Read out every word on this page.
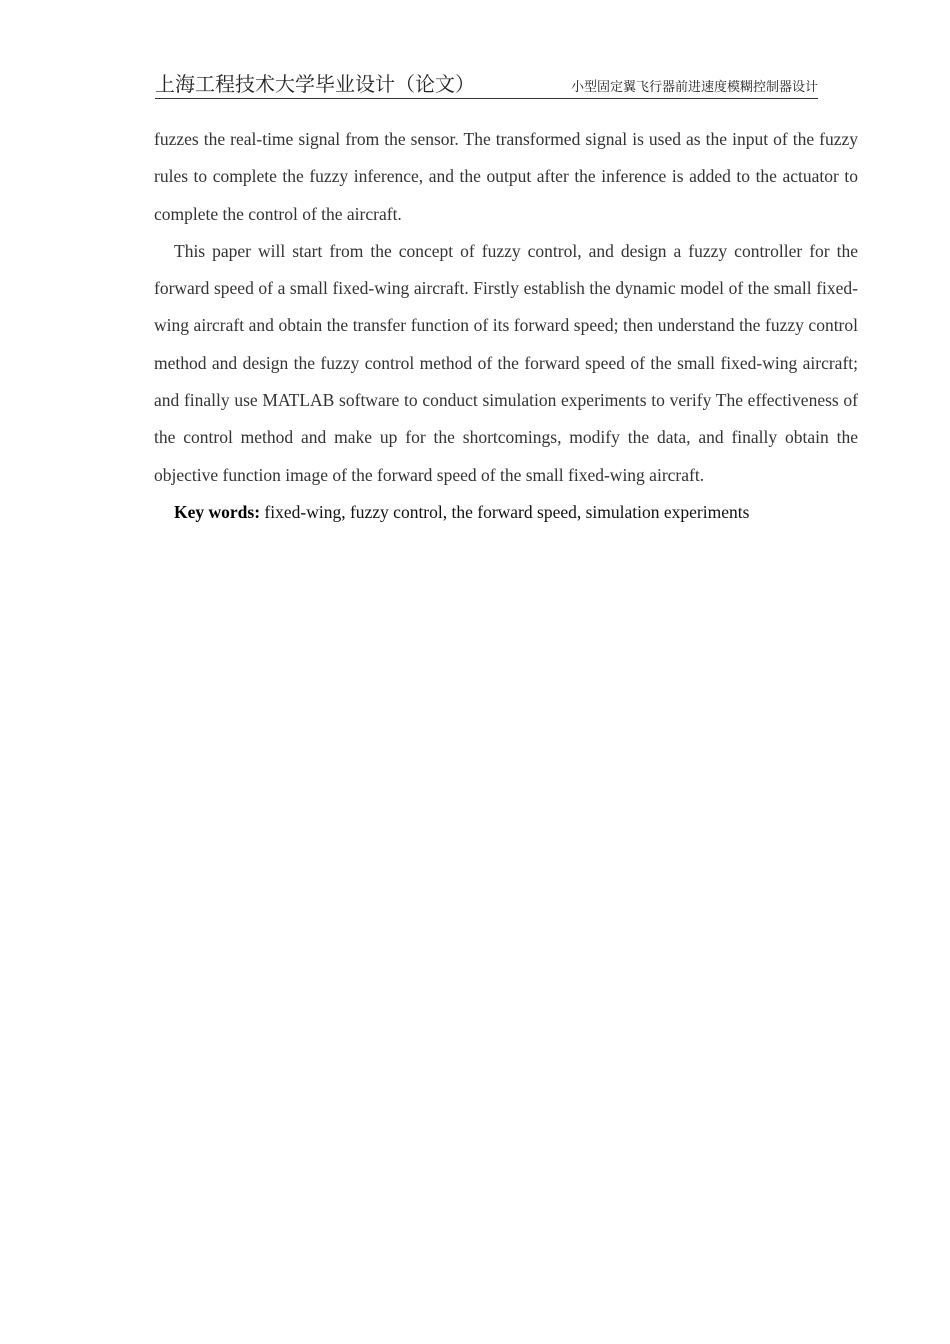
上海工程技术大学毕业设计（论文）	小型固定翼飞行器前进速度模糊控制器设计

fuzzes the real-time signal from the sensor. The transformed signal is used as the input of the fuzzy rules to complete the fuzzy inference, and the output after the inference is added to the actuator to complete the control of the aircraft.

This paper will start from the concept of fuzzy control, and design a fuzzy controller for the forward speed of a small fixed-wing aircraft. Firstly establish the dynamic model of the small fixed-wing aircraft and obtain the transfer function of its forward speed; then understand the fuzzy control method and design the fuzzy control method of the forward speed of the small fixed-wing aircraft; and finally use MATLAB software to conduct simulation experiments to verify The effectiveness of the control method and make up for the shortcomings, modify the data, and finally obtain the objective function image of the forward speed of the small fixed-wing aircraft.

Key words: fixed-wing, fuzzy control, the forward speed, simulation experiments
